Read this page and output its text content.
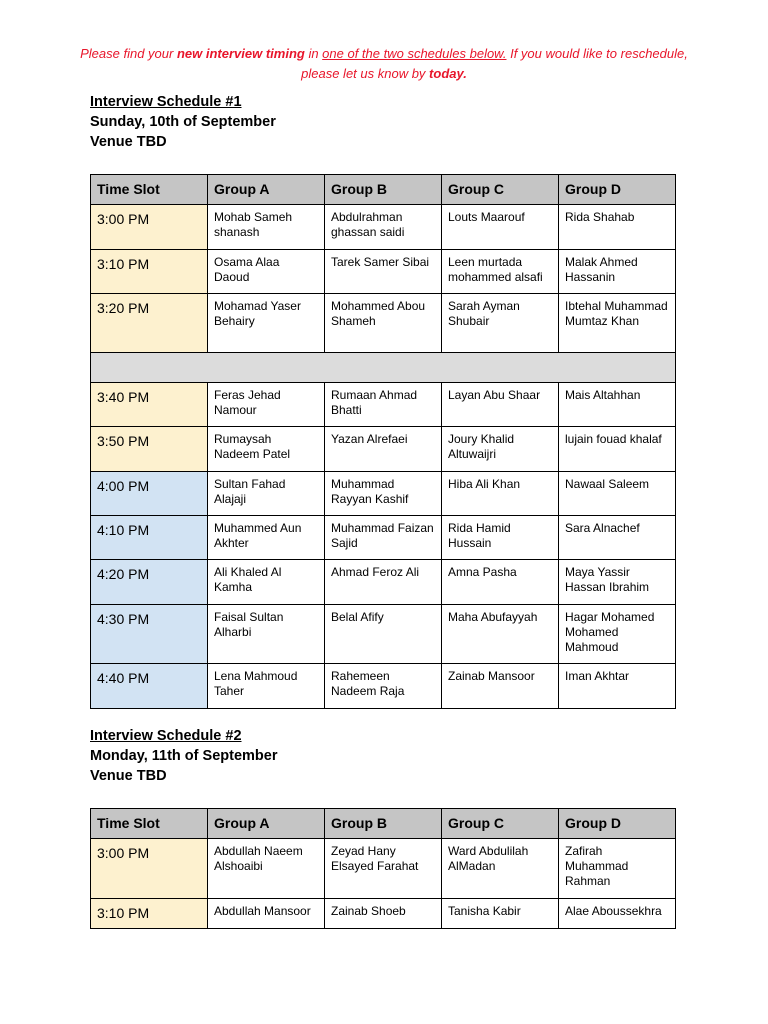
Please find your new interview timing in one of the two schedules below. If you would like to reschedule, please let us know by today.
Interview Schedule #1
Sunday, 10th of September
Venue TBD
Time Slot	Group A	Group B	Group C	Group D
3:00 PM	Mohab Sameh shanash	Abdulrahman ghassan saidi	Louts Maarouf	Rida Shahab
3:10 PM	Osama Alaa Daoud	Tarek Samer Sibai	Leen murtada mohammed alsafi	Malak Ahmed Hassanin
3:20 PM	Mohamad Yaser Behairy	Mohammed Abou Shameh	Sarah Ayman Shubair	Ibtehal Muhammad Mumtaz Khan

3:40 PM	Feras Jehad Namour	Rumaan Ahmad Bhatti	Layan Abu Shaar	Mais Altahhan
3:50 PM	Rumaysah Nadeem Patel	Yazan Alrefaei	Joury Khalid Altuwaijri	lujain fouad khalaf
4:00 PM	Sultan Fahad Alajaji	Muhammad Rayyan Kashif	Hiba Ali Khan	Nawaal Saleem
4:10 PM	Muhammed Aun Akhter	Muhammad Faizan Sajid	Rida Hamid Hussain	Sara Alnachef
4:20 PM	Ali Khaled Al Kamha	Ahmad Feroz Ali	Amna Pasha	Maya Yassir Hassan Ibrahim
4:30 PM	Faisal Sultan Alharbi	Belal Afify	Maha Abufayyah	Hagar Mohamed Mohamed Mahmoud
4:40 PM	Lena Mahmoud Taher	Rahemeen Nadeem Raja	Zainab Mansoor	Iman Akhtar
Interview Schedule #2
Monday, 11th of September
Venue TBD
Time Slot	Group A	Group B	Group C	Group D
3:00 PM	Abdullah Naeem Alshoaibi	Zeyad Hany Elsayed Farahat	Ward Abdulilah AlMadan	Zafirah Muhammad Rahman
3:10 PM	Abdullah Mansoor	Zainab Shoeb	Tanisha Kabir	Alae Aboussekhra
